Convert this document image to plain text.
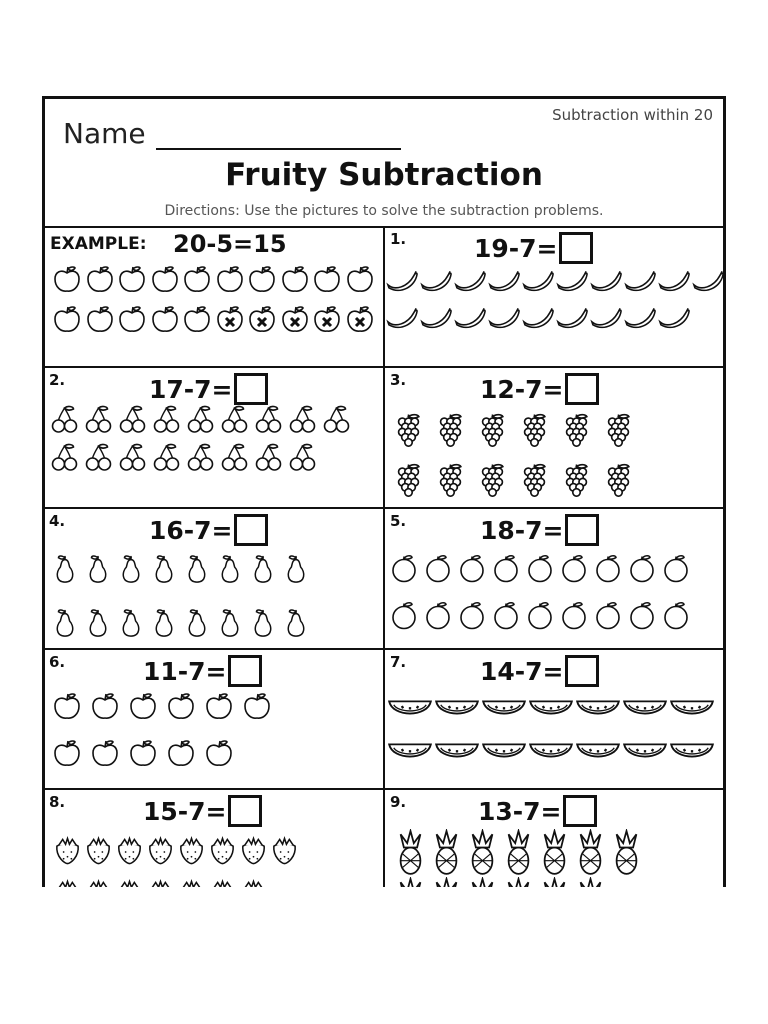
Subtraction within 20
Name
Fruity Subtraction
Directions: Use the pictures to solve the subtraction problems.
EXAMPLE: 20-5=15	1.	19-7=
2.	17-7=	3.	12-7=
4.	16-7=	5.	18-7=
6.	11-7=	7.	14-7=
8.	15-7=	9.	13-7=
